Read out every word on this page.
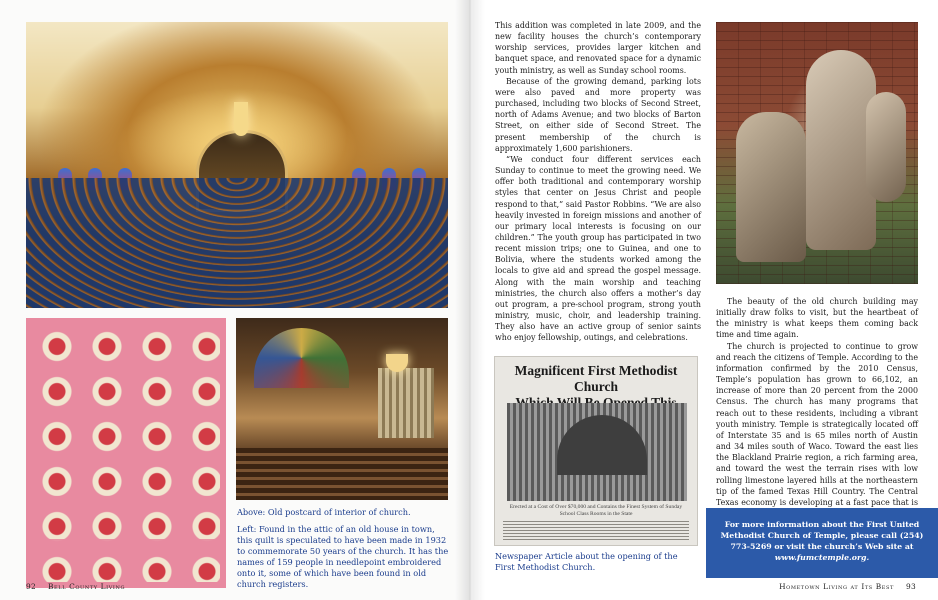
Above: Old postcard of interior of church.
Left: Found in the attic of an old house in town, this quilt is speculated to have been made in 1932 to commemorate 50 years of the church. It has the names of 159 people in needlepoint embroidered onto it, some of which have been found in old church registers.
92 Bell County Living

This addition was completed in late 2009, and the new facility houses the church’s contemporary worship services, provides larger kitchen and banquet space, and renovated space for a dynamic youth ministry, as well as Sunday school rooms.

Because of the growing demand, parking lots were also paved and more property was purchased, including two blocks of Second Street, north of Adams Avenue; and two blocks of Barton Street, on either side of Second Street. The present membership of the church is approximately 1,600 parishioners.

“We conduct four different services each Sunday to continue to meet the growing need. We offer both traditional and contemporary worship styles that center on Jesus Christ and people respond to that,” said Pastor Robbins. “We are also heavily invested in foreign missions and another of our primary local interests is focusing on our children.” The youth group has participated in two recent mission trips; one to Guinea, and one to Bolivia, where the students worked among the locals to give aid and spread the gospel message. Along with the main worship and teaching ministries, the church also offers a mother’s day out program, a pre-school program, strong youth ministry, music, choir, and leadership training. They also have an active group of senior saints who enjoy fellowship, outings, and celebrations.

Magnificent First Methodist Church
Erected at a Cost of Over $70,000 and Contains the Finest System of Sunday School Class Rooms in the State
Newspaper Article about the opening of the First Methodist Church.

The beauty of the old church building may initially draw folks to visit, but the heartbeat of the ministry is what keeps them coming back time and time again.

The church is projected to continue to grow and reach the citizens of Temple. According to the information confirmed by the 2010 Census, Temple’s population has grown to 66,102, an increase of more than 20 percent from the 2000 Census. The church has many programs that reach out to these residents, including a vibrant youth ministry. Temple is strategically located off of Interstate 35 and is 65 miles north of Austin and 34 miles south of Waco. Toward the east lies the Blackland Prairie region, a rich farming area, and toward the west the terrain rises with low rolling limestone layered hills at the northeastern tip of the famed Texas Hill Country. The Central Texas economy is developing at a fast pace that is

For more information about the First United Methodist Church of Temple, please call (254) 773-5269 or visit the church’s Web site at www.fumctemple.org.
Hometown Living at Its Best 93
